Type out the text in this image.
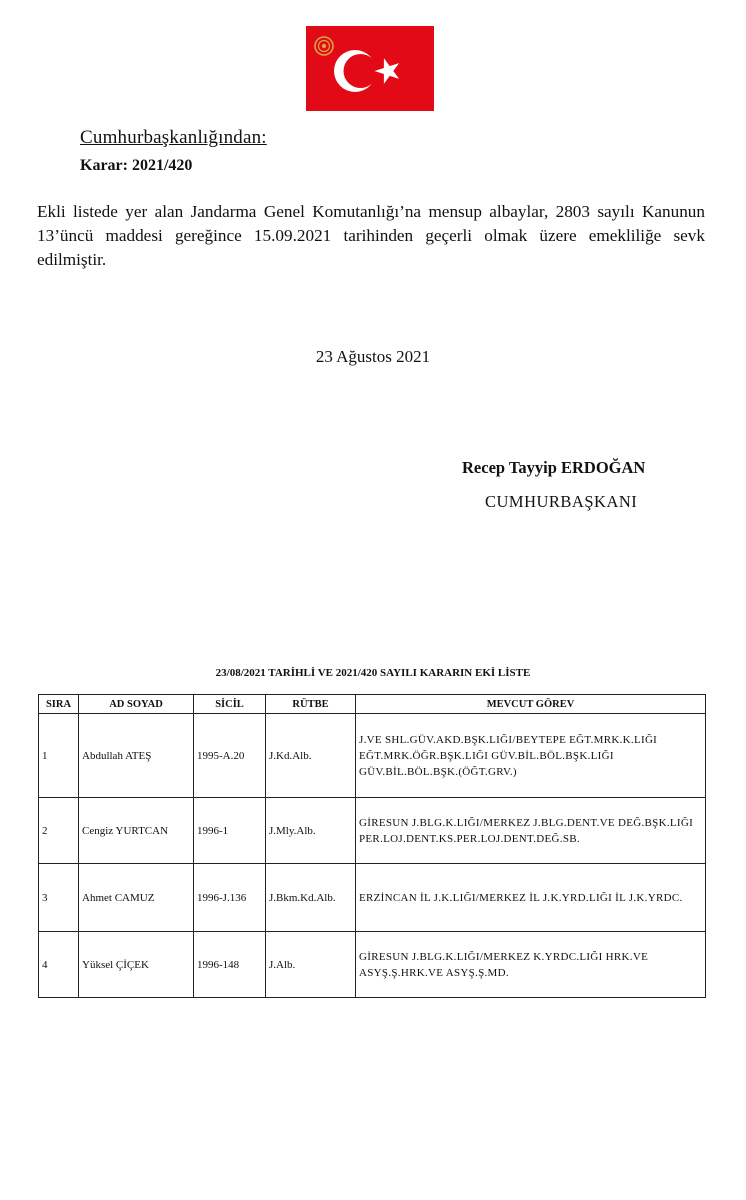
Cumhurbaşkanlığından:
Karar: 2021/420
Ekli listede yer alan Jandarma Genel Komutanlığı’na mensup albaylar, 2803 sayılı Kanunun 13’üncü maddesi gereğince 15.09.2021 tarihinden geçerli olmak üzere emekliliğe sevk edilmiştir.
23 Ağustos 2021
Recep Tayyip ERDOĞAN
CUMHURBAŞKANI
23/08/2021 TARİHLİ VE 2021/420 SAYILI KARARIN EKİ LİSTE
SIRA	AD SOYAD	SİCİL	RÜTBE	MEVCUT GÖREV
1	Abdullah ATEŞ	1995-A.20	J.Kd.Alb.	J.VE SHL.GÜV.AKD.BŞK.LIĞI/BEYTEPE EĞT.MRK.K.LIĞI EĞT.MRK.ÖĞR.BŞK.LIĞI GÜV.BİL.BÖL.BŞK.LIĞI GÜV.BİL.BÖL.BŞK.(ÖĞT.GRV.)
2	Cengiz YURTCAN	1996-1	J.Mly.Alb.	GİRESUN J.BLG.K.LIĞI/MERKEZ J.BLG.DENT.VE DEĞ.BŞK.LIĞI PER.LOJ.DENT.KS.PER.LOJ.DENT.DEĞ.SB.
3	Ahmet CAMUZ	1996-J.136	J.Bkm.Kd.Alb.	ERZİNCAN İL J.K.LIĞI/MERKEZ İL J.K.YRD.LIĞI İL J.K.YRDC.
4	Yüksel ÇİÇEK	1996-148	J.Alb.	GİRESUN J.BLG.K.LIĞI/MERKEZ K.YRDC.LIĞI HRK.VE ASYŞ.Ş.HRK.VE ASYŞ.Ş.MD.
